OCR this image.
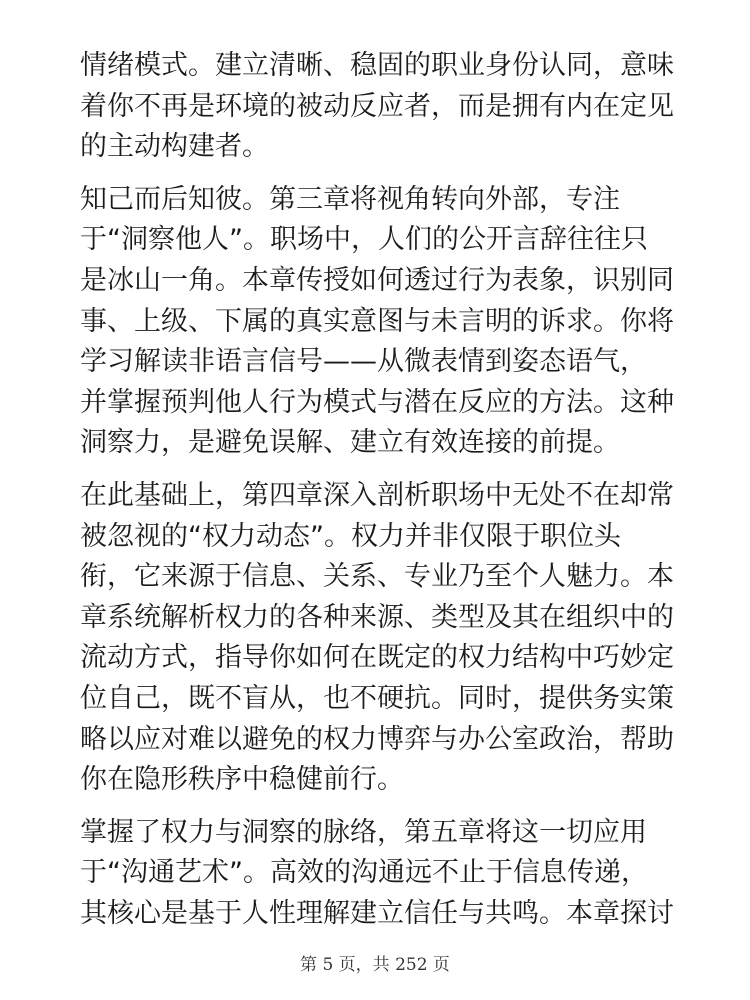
情绪模式。建立清晰、稳固的职业身份认同，意味
着你不再是环境的被动反应者，而是拥有内在定见
的主动构建者。
知己而后知彼。第三章将视角转向外部，专注
于“洞察他人”。职场中，人们的公开言辞往往只
是冰山一角。本章传授如何透过行为表象，识别同
事、上级、下属的真实意图与未言明的诉求。你将
学习解读非语言信号——从微表情到姿态语气，
并掌握预判他人行为模式与潜在反应的方法。这种
洞察力，是避免误解、建立有效连接的前提。
在此基础上，第四章深入剖析职场中无处不在却常
被忽视的“权力动态”。权力并非仅限于职位头
衔，它来源于信息、关系、专业乃至个人魅力。本
章系统解析权力的各种来源、类型及其在组织中的
流动方式，指导你如何在既定的权力结构中巧妙定
位自己，既不盲从，也不硬抗。同时，提供务实策
略以应对难以避免的权力博弈与办公室政治，帮助
你在隐形秩序中稳健前行。
掌握了权力与洞察的脉络，第五章将这一切应用
于“沟通艺术”。高效的沟通远不止于信息传递，
其核心是基于人性理解建立信任与共鸣。本章探讨
第 5 页，共 252 页
